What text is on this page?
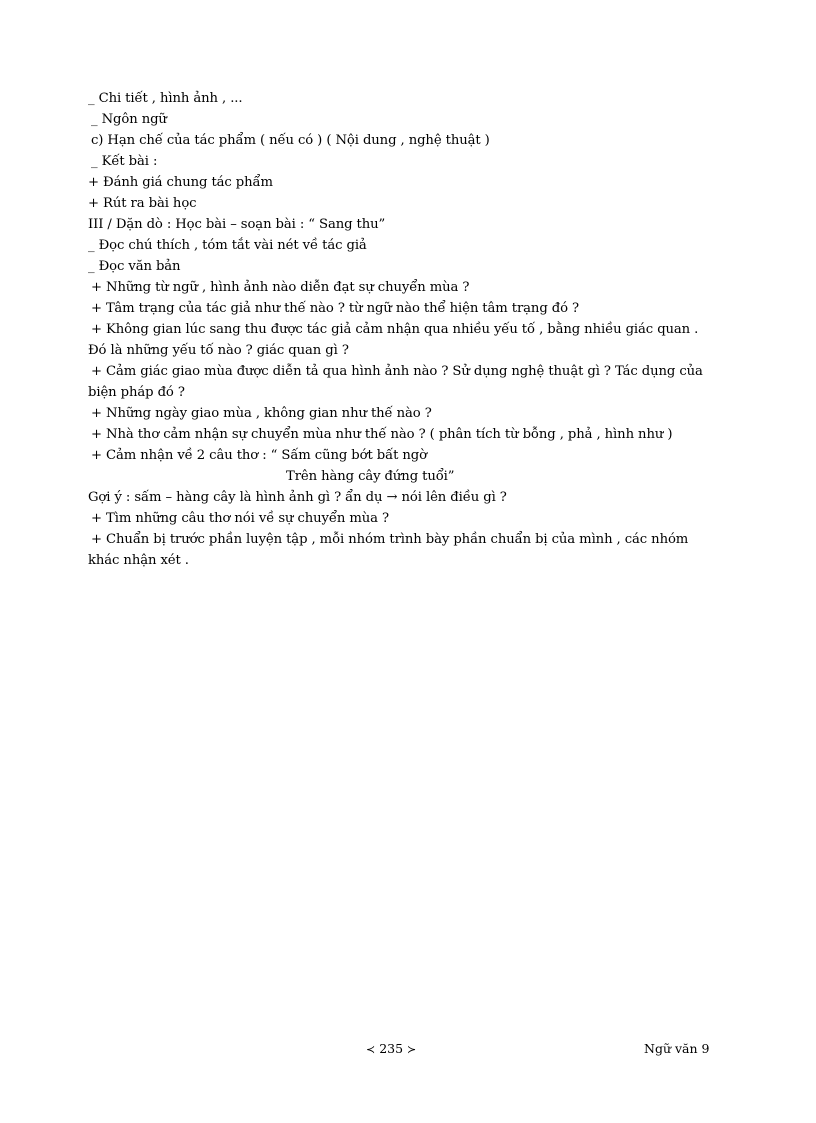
_ Chi tiết , hình ảnh , ...
_ Ngôn ngữ
c) Hạn chế của tác phẩm ( nếu có ) ( Nội dung , nghệ thuật )
_ Kết bài :
+ Đánh giá chung tác phẩm
+ Rút ra bài học
III / Dặn dò : Học bài – soạn bài : “ Sang thu”
_ Đọc chú thích , tóm tắt vài nét về tác giả
_ Đọc văn bản
+ Những từ ngữ , hình ảnh nào diễn đạt sự chuyển mùa ?
+ Tâm trạng của tác giả như thế nào ? từ ngữ nào thể hiện tâm trạng đó ?
+ Không gian lúc sang thu được tác giả cảm nhận qua nhiều yếu tố , bằng nhiều giác quan .
Đó là những yếu tố nào ? giác quan gì ?
+ Cảm giác giao mùa được diễn tả qua hình ảnh nào ? Sử dụng nghệ thuật gì ? Tác dụng của
biện pháp đó ?
+ Những ngày giao mùa , không gian như thế nào ?
+ Nhà thơ cảm nhận sự chuyển mùa như thế nào ? ( phân tích từ bỗng , phả , hình như )
+ Cảm nhận về 2 câu thơ : “ Sấm cũng bớt bất ngờ
Trên hàng cây đứng tuổi”
Gợi ý : sấm – hàng cây là hình ảnh gì ? ẩn dụ → nói lên điều gì ?
+ Tìm những câu thơ nói về sự chuyển mùa ?
+ Chuẩn bị trước phần luyện tập , mỗi nhóm trình bày phần chuẩn bị của mình , các nhóm
khác nhận xét .
≺ 235 ≻	Ngữ văn 9
